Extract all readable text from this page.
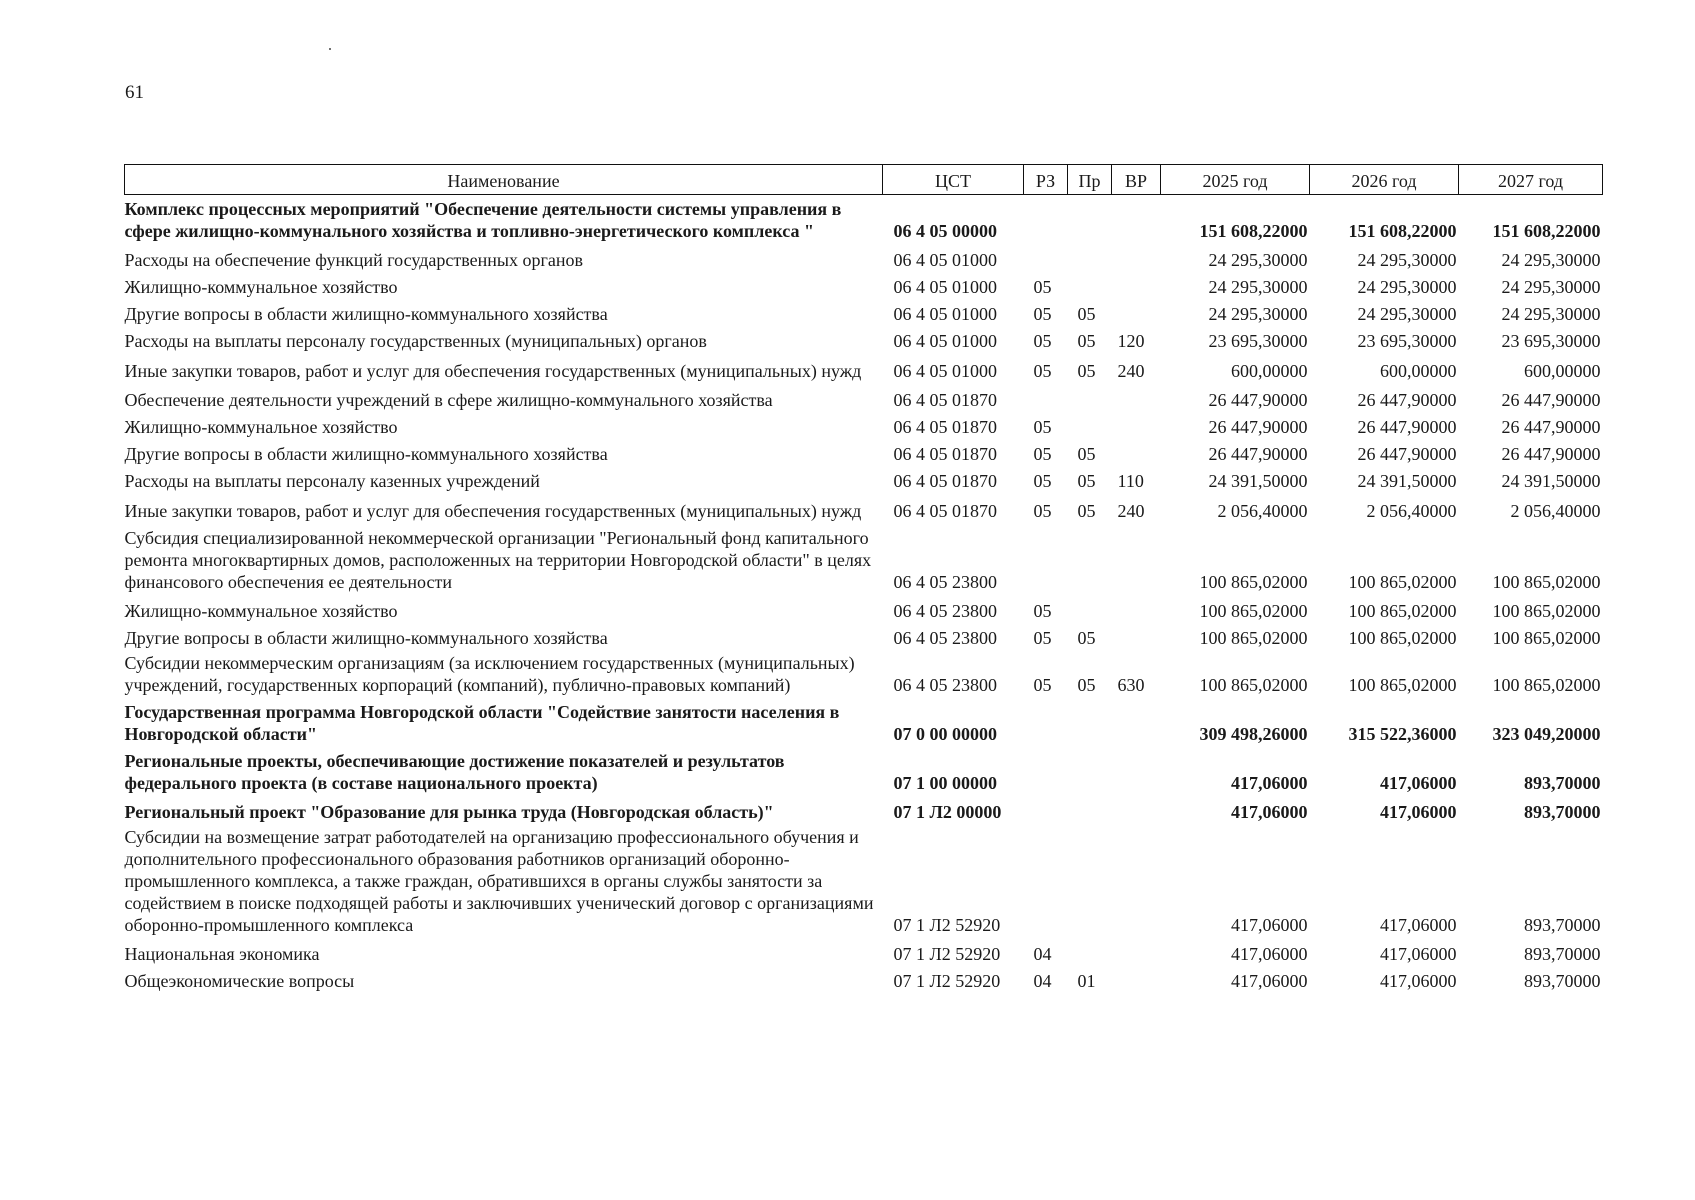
61
Наименование	ЦСТ	РЗ	Пр	ВР	2025 год	2026 год	2027 год
Комплекс процессных мероприятий "Обеспечение деятельности системы управления в сфере жилищно-коммунального хозяйства и топливно-энергетического комплекса "	06 4 05 00000				151 608,22000	151 608,22000	151 608,22000
Расходы на обеспечение функций государственных органов	06 4 05 01000				24 295,30000	24 295,30000	24 295,30000
Жилищно-коммунальное хозяйство	06 4 05 01000	05			24 295,30000	24 295,30000	24 295,30000
Другие вопросы в области жилищно-коммунального хозяйства	06 4 05 01000	05	05		24 295,30000	24 295,30000	24 295,30000
Расходы на выплаты персоналу государственных (муниципальных) органов	06 4 05 01000	05	05	120	23 695,30000	23 695,30000	23 695,30000
Иные закупки товаров, работ и услуг для обеспечения государственных (муниципальных) нужд	06 4 05 01000	05	05	240	600,00000	600,00000	600,00000
Обеспечение деятельности учреждений в сфере жилищно-коммунального хозяйства	06 4 05 01870				26 447,90000	26 447,90000	26 447,90000
Жилищно-коммунальное хозяйство	06 4 05 01870	05			26 447,90000	26 447,90000	26 447,90000
Другие вопросы в области жилищно-коммунального хозяйства	06 4 05 01870	05	05		26 447,90000	26 447,90000	26 447,90000
Расходы на выплаты персоналу казенных учреждений	06 4 05 01870	05	05	110	24 391,50000	24 391,50000	24 391,50000
Иные закупки товаров, работ и услуг для обеспечения государственных (муниципальных) нужд	06 4 05 01870	05	05	240	2 056,40000	2 056,40000	2 056,40000
Субсидия специализированной некоммерческой организации "Региональный фонд капитального ремонта многоквартирных домов, расположенных на территории Новгородской области" в целях финансового обеспечения ее деятельности	06 4 05 23800				100 865,02000	100 865,02000	100 865,02000
Жилищно-коммунальное хозяйство	06 4 05 23800	05			100 865,02000	100 865,02000	100 865,02000
Другие вопросы в области жилищно-коммунального хозяйства	06 4 05 23800	05	05		100 865,02000	100 865,02000	100 865,02000
Субсидии некоммерческим организациям (за исключением государственных (муниципальных) учреждений, государственных корпораций (компаний), публично-правовых компаний)	06 4 05 23800	05	05	630	100 865,02000	100 865,02000	100 865,02000
Государственная программа Новгородской области "Содействие занятости населения в Новгородской области"	07 0 00 00000				309 498,26000	315 522,36000	323 049,20000
Региональные проекты, обеспечивающие достижение показателей и результатов федерального проекта (в составе национального проекта)	07 1 00 00000				417,06000	417,06000	893,70000
Региональный проект "Образование для рынка труда (Новгородская область)"	07 1 Л2 00000				417,06000	417,06000	893,70000
Субсидии на возмещение затрат работодателей на организацию профессионального обучения и дополнительного профессионального образования работников организаций оборонно-промышленного комплекса, а также граждан, обратившихся в органы службы занятости за содействием в поиске подходящей работы и заключивших ученический договор с организациями оборонно-промышленного комплекса	07 1 Л2 52920				417,06000	417,06000	893,70000
Национальная экономика	07 1 Л2 52920	04			417,06000	417,06000	893,70000
Общеэкономические вопросы	07 1 Л2 52920	04	01		417,06000	417,06000	893,70000
